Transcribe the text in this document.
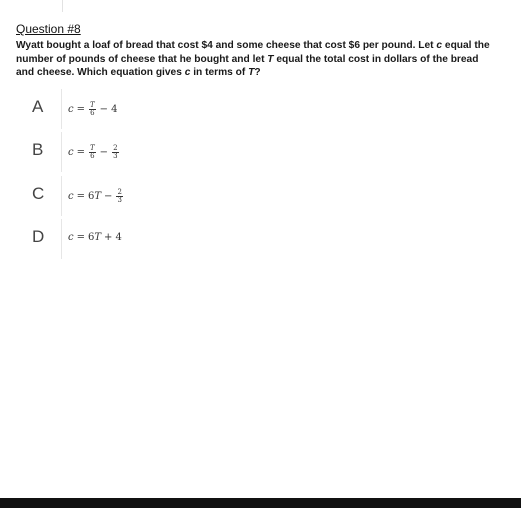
Question #8
Wyatt bought a loaf of bread that cost $4 and some cheese that cost $6 per pound. Let c equal the number of pounds of cheese that he bought and let T equal the total cost in dollars of the bread and cheese. Which equation gives c in terms of T?
A $c = \frac{T}{6} - 4$
B $c = \frac{T}{6} - \frac{2}{3}$
C c = 6 $T - \frac{2}{3}$
D c = 6 T + 4
